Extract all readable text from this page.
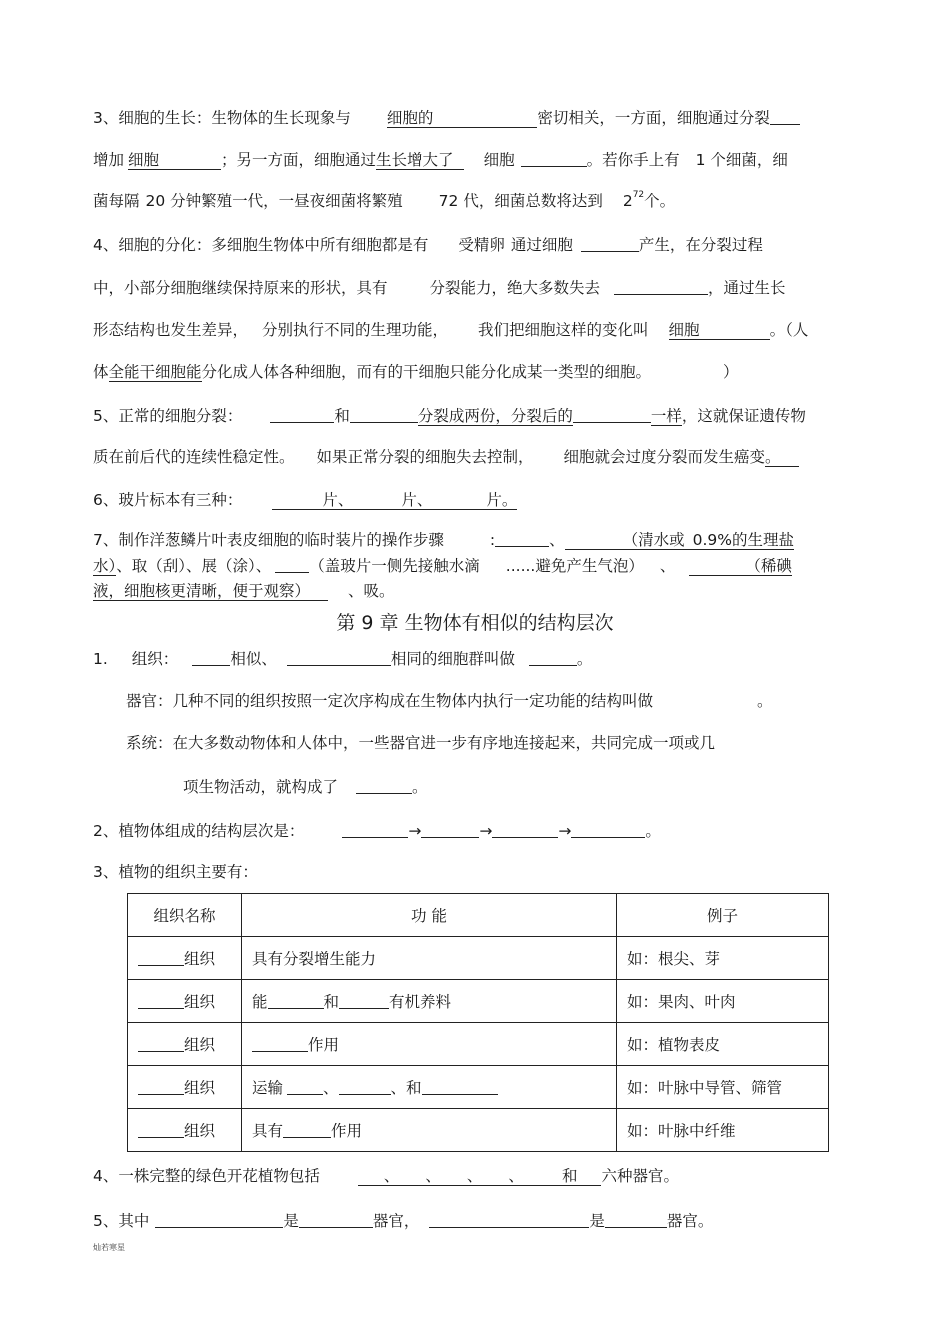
3、细胞的生长：生物体的生长现象与 细胞的	密切相关，一方面，细胞通过分裂
增加 细胞	；另一方面，细胞通过生长增大了 细胞	。若你手上有 1 个细菌，细
菌每隔 20 分钟繁殖一代，一昼夜细菌将繁殖 72 代，细菌总数将达到 $2^{72}$个。
4、细胞的分化：多细胞生物体中所有细胞都是有 受精卵 通过细胞	产生，在分裂过程
中，小部分细胞继续保持原来的形状，具有	分裂能力，绝大多数失去	，通过生长
形态结构也发生差异， 分别执行不同的生理功能， 我们把细胞这样的变化叫 细胞	。（人
体全能干细胞能分化成人体各种细胞，而有的干细胞只能分化成某一类型的细胞。	）
5、正常的细胞分裂：	和	分裂成两份，分裂后的	一样，这就保证遗传物
质在前后代的连续性稳定性。 如果正常分裂的细胞失去控制， 细胞就会过度分裂而发生癌变。
6、玻片标本有三种：	片、	片、	片。
7、制作洋葱鳞片叶表皮细胞的临时装片的操作步骤	:	、	（清水或 0.9%的生理盐
水）、取（刮）、展（涂）、 （盖玻片一侧先接触水滴 ......避免产生气泡） 、	（稀碘
液，细胞核更清晰，便于观察） 、吸。
第 9 章 生物体有相似的结构层次
1. 组织：	相似、	相同的细胞群叫做	。
器官：几种不同的组织按照一定次序构成在生物体内执行一定功能的结构叫做	。
系统：在大多数动物体和人体中，一些器官进一步有序地连接起来，共同完成一项或几
项生物活动，就构成了	。
2、植物体组成的结构层次是：	→	→	→	。
3、植物的组织主要有：
组织名称	功 能	例子
组织	具有分裂增生能力	如：根尖、芽
组织	能 和 有机养料	如：果肉、叶肉
组织	作用	如：植物表皮
组织	运输 、 、和	如：叶脉中导管、筛管
组织	具有 作用	如：叶脉中纤维
4、一株完整的绿色开花植物包括	、 、 、 、 和 六种器官。
5、其中	是	器官，	是	器官。
灿若寒星
